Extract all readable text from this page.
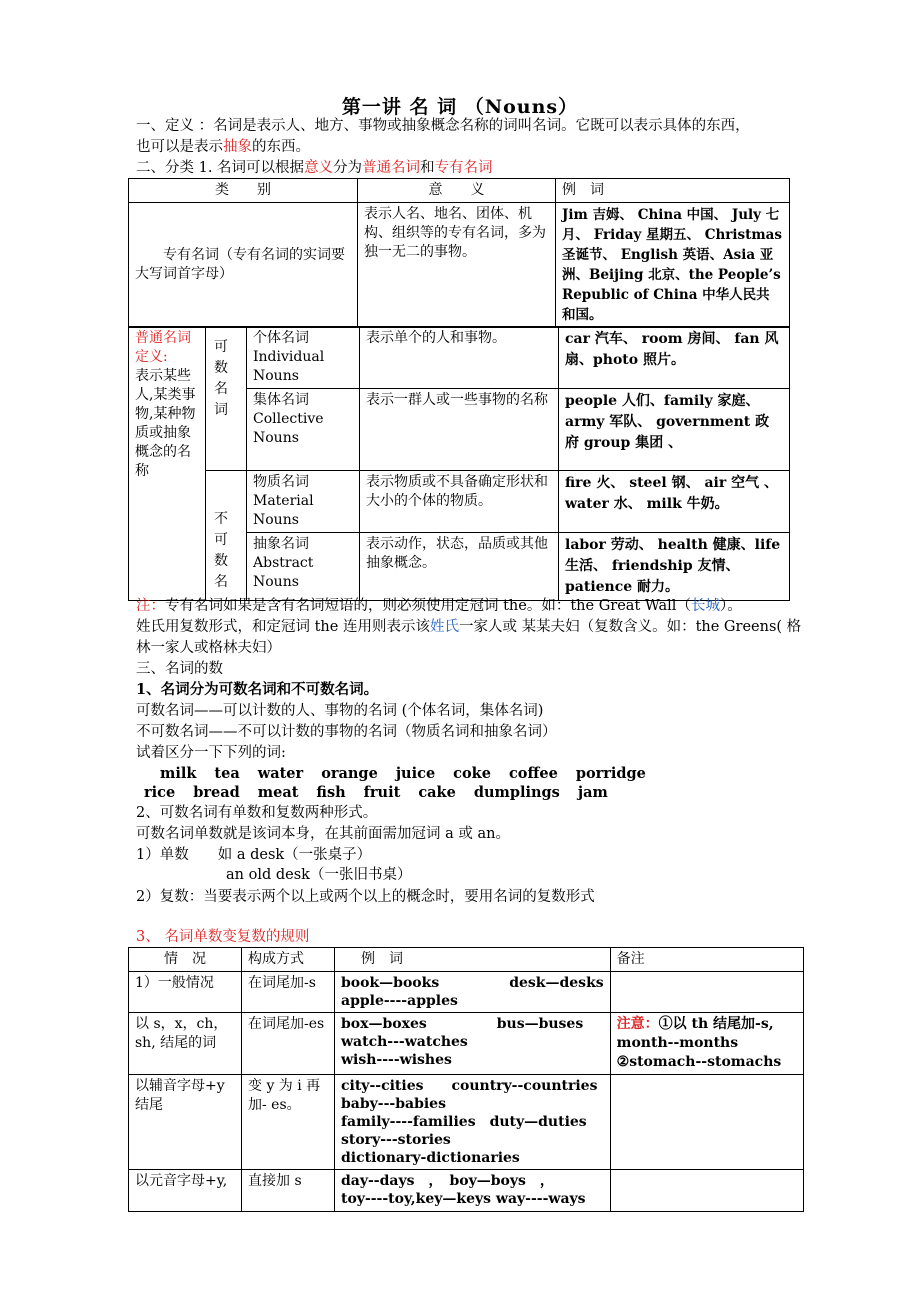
第一讲 名 词 （Nouns）
一、定义 ：名词是表示人、地方、事物或抽象概念名称的词叫名词。它既可以表示具体的东西，
也可以是表示抽象的东西。
二、分类 1. 名词可以根据意义分为普通名词和专有名词
类　　别	意　　义	例　词
专有名词（专有名词的实词要大写词首字母）	表示人名、地名、团体、机构、组织等的专有名词，多为独一无二的事物。	Jim 吉姆、 China 中国、 July 七月、 Friday 星期五、 Christmas 圣诞节、 English 英语、Asia 亚洲、Beijing 北京、the People’s Republic of China 中华人民共和国。
普通名词定义:
表示某些人,某类事物,某种物质或抽象概念的名称	可数名词	个体名词 Individual Nouns	表示单个的人和事物。	car 汽车、 room 房间、 fan 风扇、photo 照片。
		集体名词 Collective Nouns	表示一群人或一些事物的名称	people 人们、family 家庭、army 军队、 government 政府 group 集团 、
	不可数名	物质名词 Material Nouns	表示物质或不具备确定形状和大小的个体的物质。	fire 火、 steel 钢、 air 空气 、water 水、 milk 牛奶。
		抽象名词 Abstract Nouns	表示动作，状态，品质或其他抽象概念。	labor 劳动、 health 健康、life 生活、 friendship 友情、 patience 耐力。
注：专有名词如果是含有名词短语的，则必须使用定冠词 the。如：the Great Wall（长城）。
姓氏用复数形式，和定冠词 the 连用则表示该姓氏一家人或 某某夫妇（复数含义。如：the Greens( 格
林一家人或格林夫妇）
三、名词的数
1、名词分为可数名词和不可数名词。
可数名词——可以计数的人、事物的名词 (个体名词，集体名词)
不可数名词——不可以计数的事物的名词（物质名词和抽象名词）
试着区分一下下列的词:
milk tea water orange juice coke coffee porridge
rice bread meat fish fruit cake dumplings jam
2、可数名词有单数和复数两种形式。
可数名词单数就是该词本身，在其前面需加冠词 a 或 an。
1）单数　　如 a desk（一张桌子）
an old desk（一张旧书桌）
2）复数：当要表示两个以上或两个以上的概念时，要用名词的复数形式
3、 名词单数变复数的规则
情　况	构成方式	例　词	备注
1）一般情况	在词尾加-s	book—books　　　　　desk—desks
apple----apples	

以 s，x，ch，sh, 结尾的词	在词尾加-es	box—boxes　　　　　bus—buses
watch---watches
wish----wishes	注意：①以 th 结尾加-s, month--months ②stomach--stomachs
以辅音字母+y 结尾	变 y 为 i 再加- es。	city--cities　　country--countries
baby---babies
family----families　duty—duties
story---stories
dictionary-dictionaries	

以元音字母+y,	直接加 s	day--days　，　boy—boys　，
toy----toy,key—keys way----ways	
